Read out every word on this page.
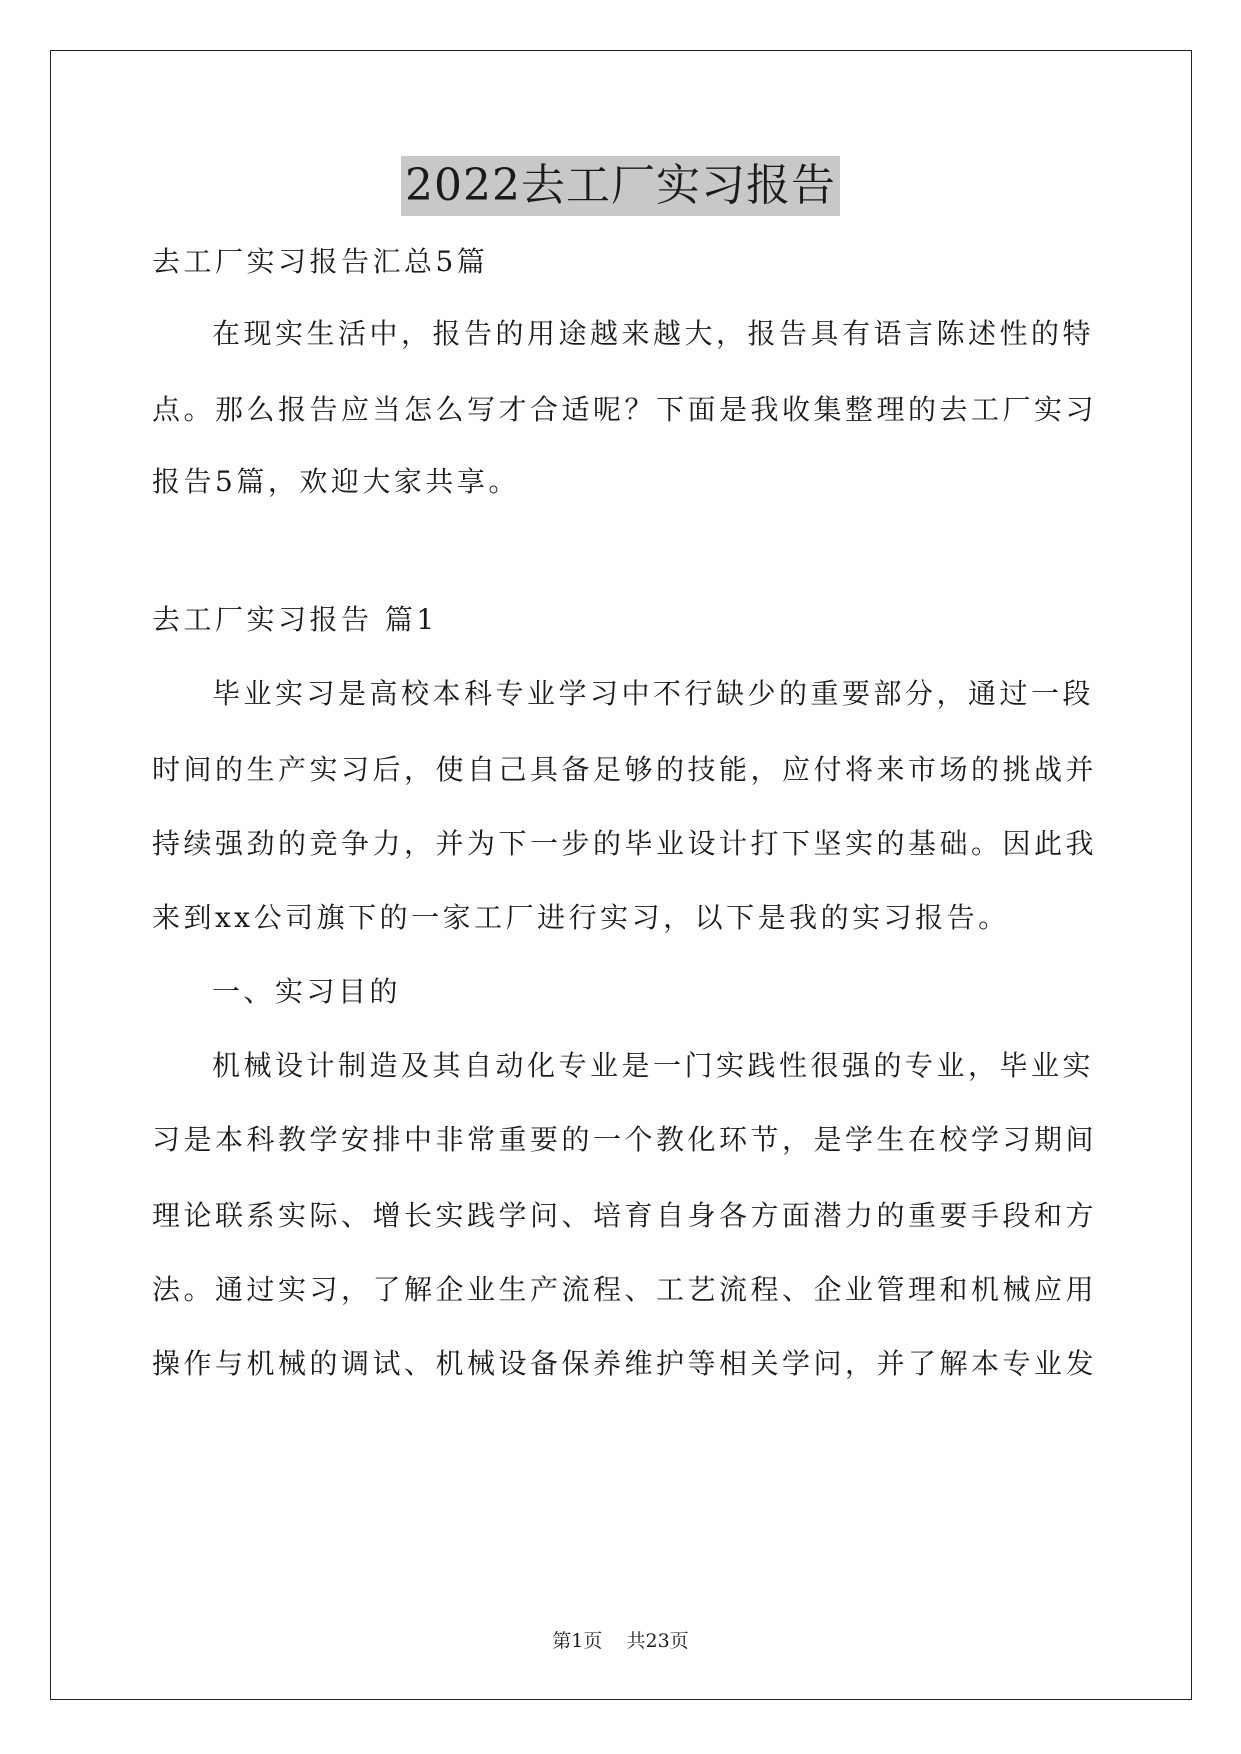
2022去工厂实习报告
去工厂实习报告汇总5篇
在现实生活中，报告的用途越来越大，报告具有语言陈述性的特
点。那么报告应当怎么写才合适呢？下面是我收集整理的去工厂实习
报告5篇，欢迎大家共享。
去工厂实习报告 篇1
毕业实习是高校本科专业学习中不行缺少的重要部分，通过一段
时间的生产实习后，使自己具备足够的技能，应付将来市场的挑战并
持续强劲的竞争力，并为下一步的毕业设计打下坚实的基础。因此我
来到xx公司旗下的一家工厂进行实习，以下是我的实习报告。
一、实习目的
机械设计制造及其自动化专业是一门实践性很强的专业，毕业实
习是本科教学安排中非常重要的一个教化环节，是学生在校学习期间
理论联系实际、增长实践学问、培育自身各方面潜力的重要手段和方
法。通过实习，了解企业生产流程、工艺流程、企业管理和机械应用
操作与机械的调试、机械设备保养维护等相关学问，并了解本专业发
第1页 共23页
